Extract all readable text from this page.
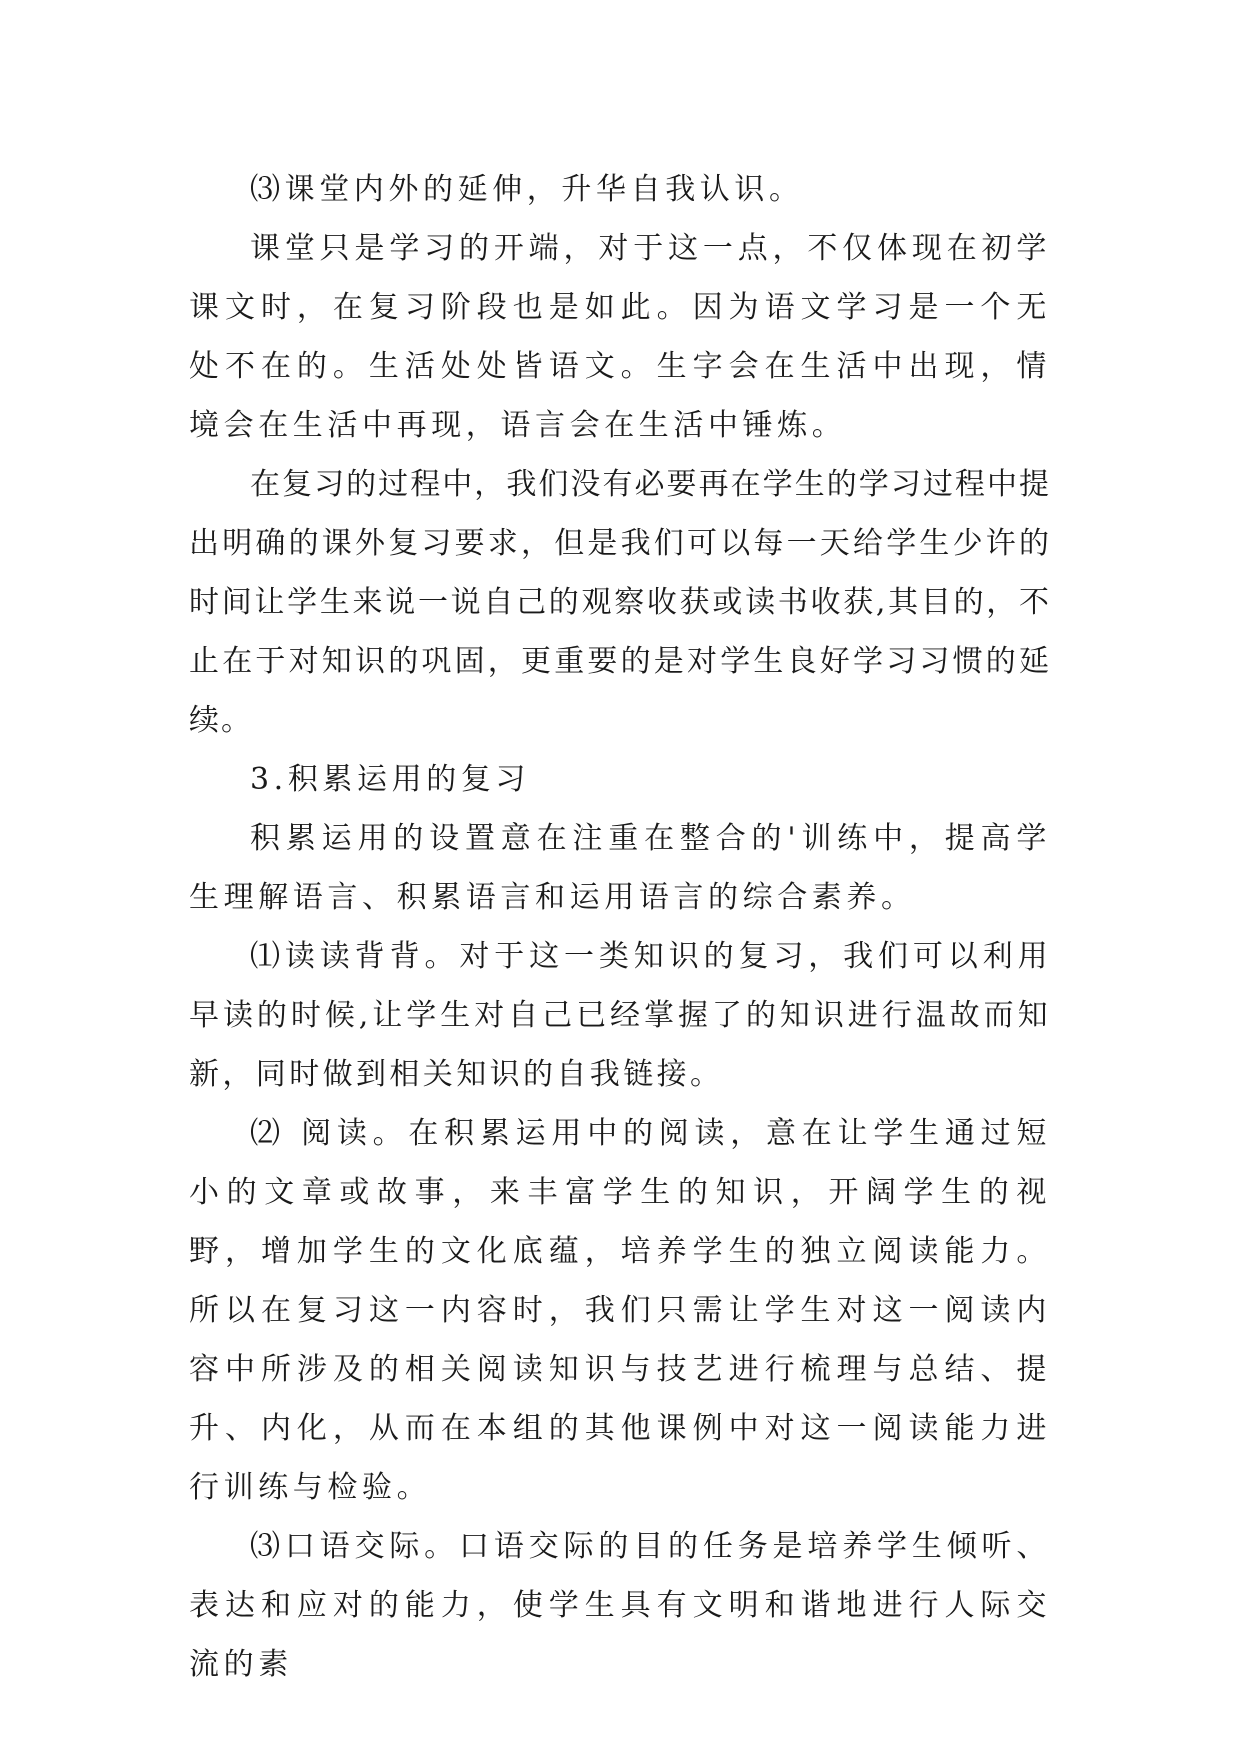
⑶课堂内外的延伸，升华自我认识。

课堂只是学习的开端，对于这一点，不仅体现在初学课文时，在复习阶段也是如此。因为语文学习是一个无处不在的。生活处处皆语文。生字会在生活中出现，情境会在生活中再现，语言会在生活中锤炼。

在复习的过程中，我们没有必要再在学生的学习过程中提出明确的课外复习要求，但是我们可以每一天给学生少许的时间让学生来说一说自己的观察收获或读书收获,其目的，不止在于对知识的巩固，更重要的是对学生良好学习习惯的延续。

3.积累运用的复习

积累运用的设置意在注重在整合的'训练中，提高学生理解语言、积累语言和运用语言的综合素养。

⑴读读背背。对于这一类知识的复习，我们可以利用早读的时候,让学生对自己已经掌握了的知识进行温故而知新，同时做到相关知识的自我链接。

⑵ 阅读。在积累运用中的阅读，意在让学生通过短小的文章或故事，来丰富学生的知识，开阔学生的视野，增加学生的文化底蕴，培养学生的独立阅读能力。所以在复习这一内容时，我们只需让学生对这一阅读内容中所涉及的相关阅读知识与技艺进行梳理与总结、提升、内化，从而在本组的其他课例中对这一阅读能力进行训练与检验。

⑶口语交际。口语交际的目的任务是培养学生倾听、表达和应对的能力，使学生具有文明和谐地进行人际交流的素
